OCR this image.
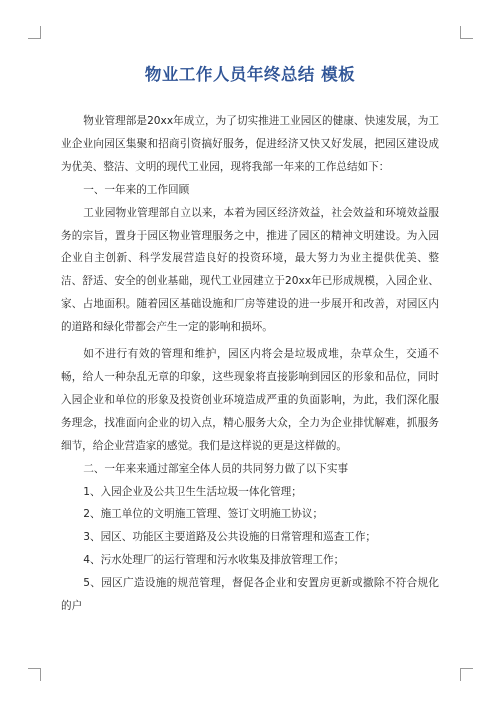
物业工作人员年终总结 模板

物业管理部是20xx年成立，为了切实推进工业园区的健康、快速发展，为工业企业向园区集聚和招商引资搞好服务，促进经济又快又好发展，把园区建设成为优美、整洁、文明的现代工业园，现将我部一年来的工作总结如下：

一、一年来的工作回顾

工业园物业管理部自立以来，本着为园区经济效益，社会效益和环境效益服务的宗旨，置身于园区物业管理服务之中，推进了园区的精神文明建设。为入园企业自主创新、科学发展营造良好的投资环境，最大努力为业主提供优美、整洁、舒适、安全的创业基础，现代工业园建立于20xx年已形成规模，入园企业、家、占地面积。随着园区基础设施和厂房等建设的进一步展开和改善，对园区内的道路和绿化带都会产生一定的影响和损坏。

如不进行有效的管理和维护，园区内将会是垃圾成堆，杂草众生，交通不畅，给人一种杂乱无章的印象，这些现象将直接影响到园区的形象和品位，同时入园企业和单位的形象及投资创业环境造成严重的负面影响，为此，我们深化服务理念，找准面向企业的切入点，精心服务大众，全力为企业排忧解难，抓服务细节，给企业营造家的感觉。我们是这样说的更是这样做的。

二、一年来来通过部室全体人员的共同努力做了以下实事

1、入园企业及公共卫生生活垃圾一体化管理；

2、施工单位的文明施工管理、签订文明施工协议；

3、园区、功能区主要道路及公共设施的日常管理和巡查工作；

4、污水处理厂的运行管理和污水收集及排放管理工作；

5、园区广造设施的规范管理，督促各企业和安置房更新或撤除不符合规化的户
